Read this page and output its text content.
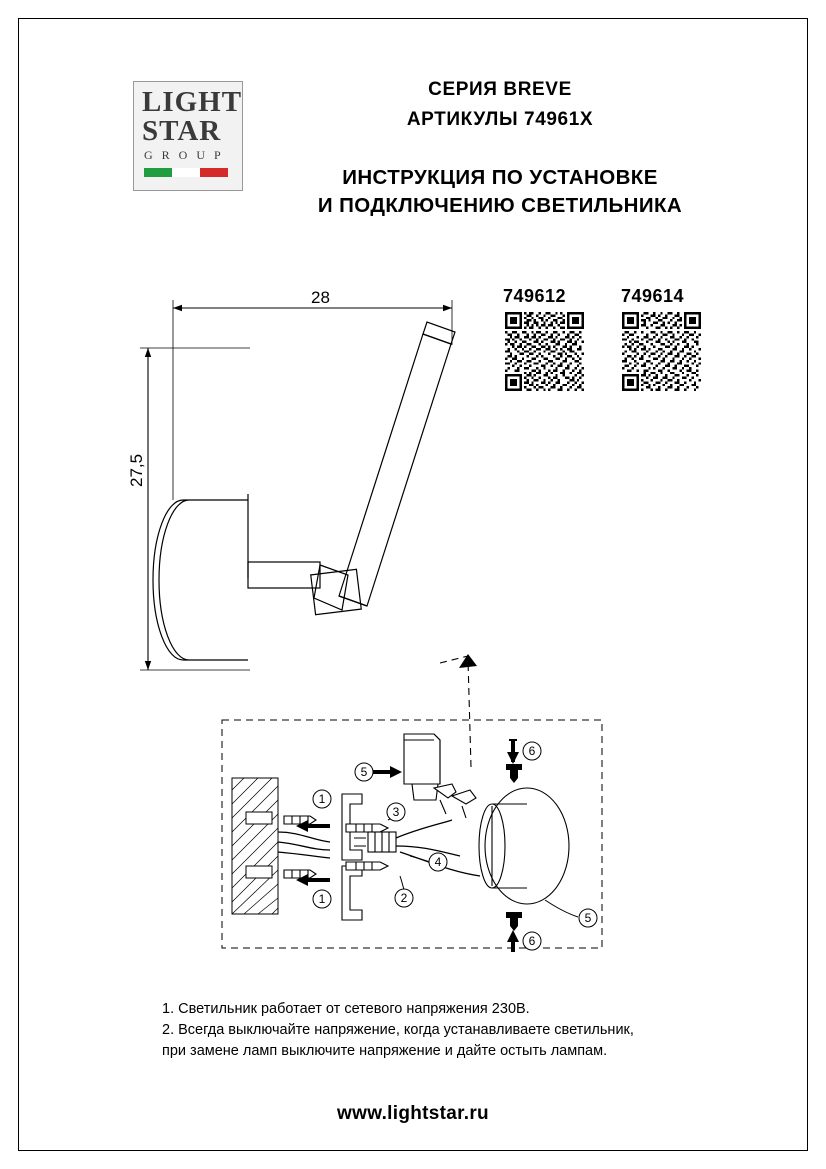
LIGHT
STAR
G R O U P
СЕРИЯ BREVE
АРТИКУЛЫ 74961X
ИНСТРУКЦИЯ ПО УСТАНОВКЕ
И ПОДКЛЮЧЕНИЮ СВЕТИЛЬНИКА
749612	749614
28
27,5
1
1	2
3
4
5
5
6
6
1. Светильник работает от сетевого напряжения 230В.
2. Всегда выключайте напряжение, когда устанавливаете светильник,
при замене ламп выключите напряжение и дайте остыть лампам.
www.lightstar.ru
